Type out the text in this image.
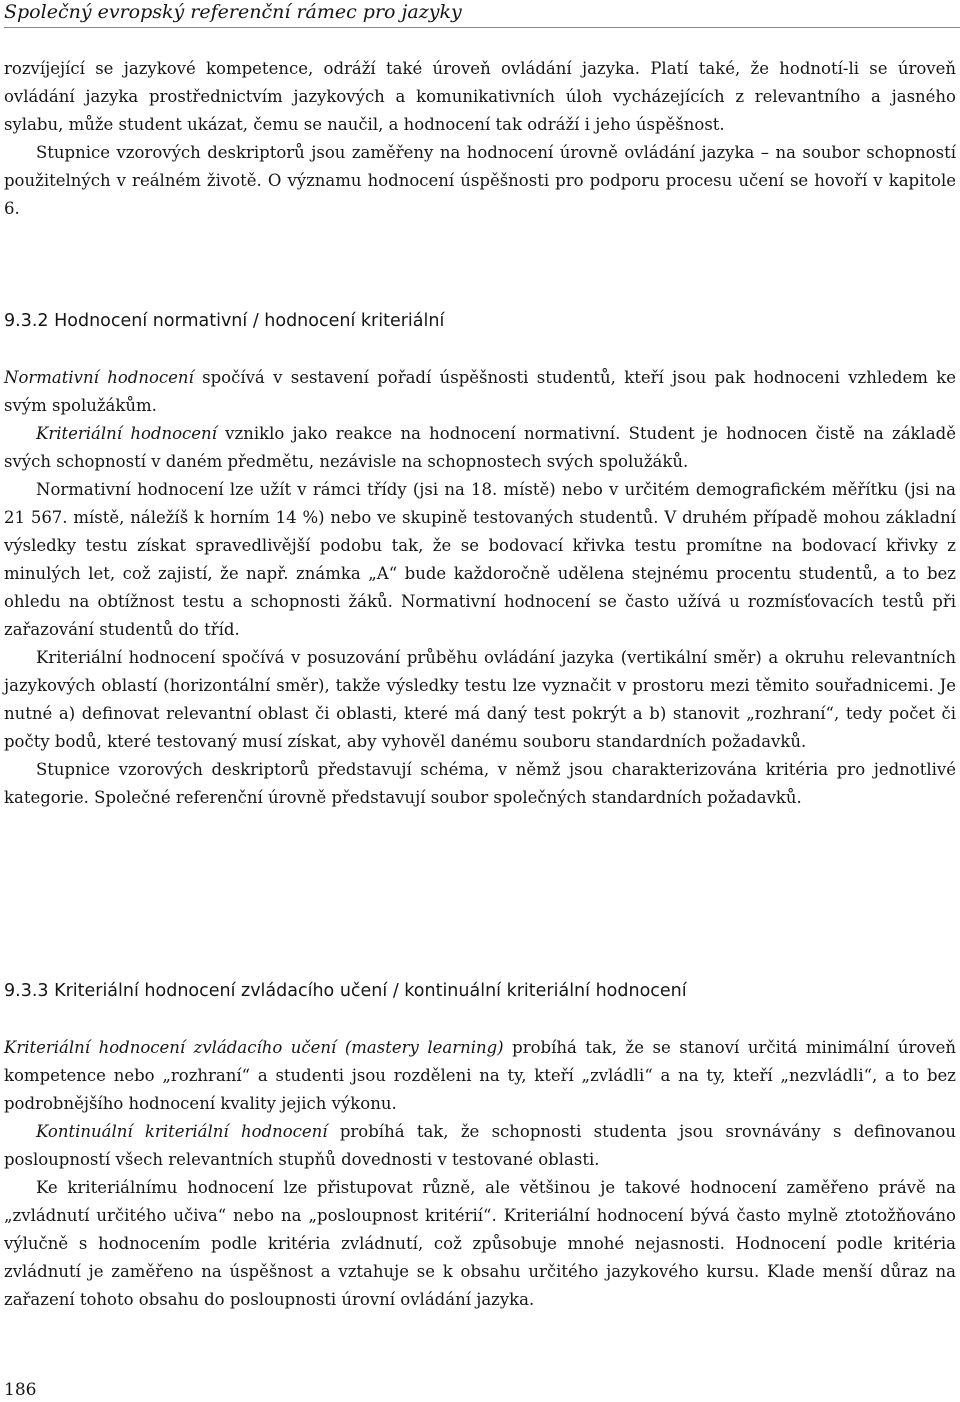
Společný evropský referenční rámec pro jazyky

rozvíjející se jazykové kompetence, odráží také úroveň ovládání jazyka. Platí také, že hodnotí-li se úroveň ovládání jazyka prostřednictvím jazykových a komunikativních úloh vycházejících z relevantního a jasného sylabu, může student ukázat, čemu se naučil, a hodnocení tak odráží i jeho úspěšnost.

Stupnice vzorových deskriptorů jsou zaměřeny na hodnocení úrovně ovládání jazyka – na soubor schopností použitelných v reálném životě. O významu hodnocení úspěšnosti pro podporu procesu učení se hovoří v kapitole 6.

9.3.2 Hodnocení normativní / hodnocení kriteriální

Normativní hodnocení spočívá v sestavení pořadí úspěšnosti studentů, kteří jsou pak hodnoceni vzhledem ke svým spolužákům.

Kriteriální hodnocení vzniklo jako reakce na hodnocení normativní. Student je hodnocen čistě na základě svých schopností v daném předmětu, nezávisle na schopnostech svých spolužáků.

Normativní hodnocení lze užít v rámci třídy (jsi na 18. místě) nebo v určitém demografickém měřítku (jsi na 21 567. místě, náležíš k horním 14 %) nebo ve skupině testovaných studentů. V druhém případě mohou základní výsledky testu získat spravedlivější podobu tak, že se bodovací křivka testu promítne na bodovací křivky z minulých let, což zajistí, že např. známka „A“ bude každoročně udělena stejnému procentu studentů, a to bez ohledu na obtížnost testu a schopnosti žáků. Normativní hodnocení se často užívá u rozmísťovacích testů při zařazování studentů do tříd.

Kriteriální hodnocení spočívá v posuzování průběhu ovládání jazyka (vertikální směr) a okruhu relevantních jazykových oblastí (horizontální směr), takže výsledky testu lze vyznačit v prostoru mezi těmito souřadnicemi. Je nutné a) definovat relevantní oblast či oblasti, které má daný test pokrýt a b) stanovit „rozhraní“, tedy počet či počty bodů, které testovaný musí získat, aby vyhověl danému souboru standardních požadavků.

Stupnice vzorových deskriptorů představují schéma, v němž jsou charakterizována kritéria pro jednotlivé kategorie. Společné referenční úrovně představují soubor společných standardních požadavků.

9.3.3 Kriteriální hodnocení zvládacího učení / kontinuální kriteriální hodnocení

Kriteriální hodnocení zvládacího učení (mastery learning) probíhá tak, že se stanoví určitá minimální úroveň kompetence nebo „rozhraní“ a studenti jsou rozděleni na ty, kteří „zvládli“ a na ty, kteří „nezvládli“, a to bez podrobnějšího hodnocení kvality jejich výkonu.

Kontinuální kriteriální hodnocení probíhá tak, že schopnosti studenta jsou srovnávány s definovanou posloupností všech relevantních stupňů dovednosti v testované oblasti.

Ke kriteriálnímu hodnocení lze přistupovat různě, ale většinou je takové hodnocení zaměřeno právě na „zvládnutí určitého učiva“ nebo na „posloupnost kritérií“. Kriteriální hodnocení bývá často mylně ztotožňováno výlučně s hodnocením podle kritéria zvládnutí, což způsobuje mnohé nejasnosti. Hodnocení podle kritéria zvládnutí je zaměřeno na úspěšnost a vztahuje se k obsahu určitého jazykového kursu. Klade menší důraz na zařazení tohoto obsahu do posloupnosti úrovní ovládání jazyka.

186
